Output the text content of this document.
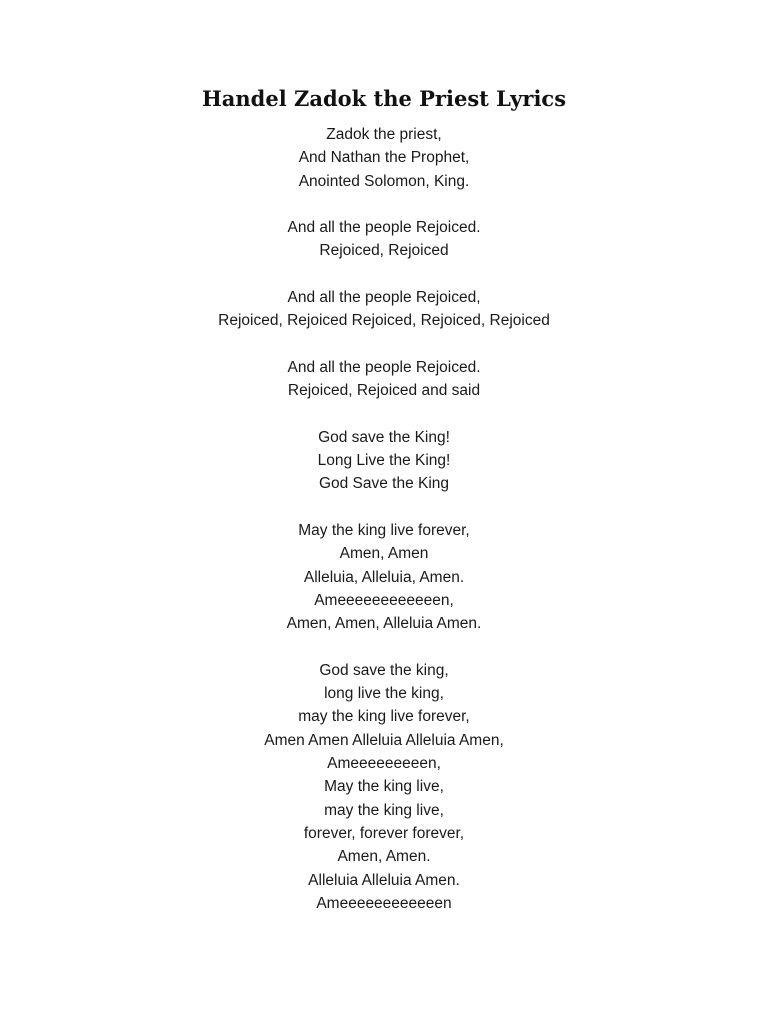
Handel Zadok the Priest Lyrics
Zadok the priest,
And Nathan the Prophet,
Anointed Solomon, King.
And all the people Rejoiced.
Rejoiced, Rejoiced
And all the people Rejoiced,
Rejoiced, Rejoiced Rejoiced, Rejoiced, Rejoiced
And all the people Rejoiced.
Rejoiced, Rejoiced and said
God save the King!
Long Live the King!
God Save the King
May the king live forever,
Amen, Amen
Alleluia, Alleluia, Amen.
Ameeeeeeeeeeeen,
Amen, Amen, Alleluia Amen.
God save the king,
long live the king,
may the king live forever,
Amen Amen Alleluia Alleluia Amen,
Ameeeeeeeeen,
May the king live,
may the king live,
forever, forever forever,
Amen, Amen.
Alleluia Alleluia Amen.
Ameeeeeeeeeeeen
